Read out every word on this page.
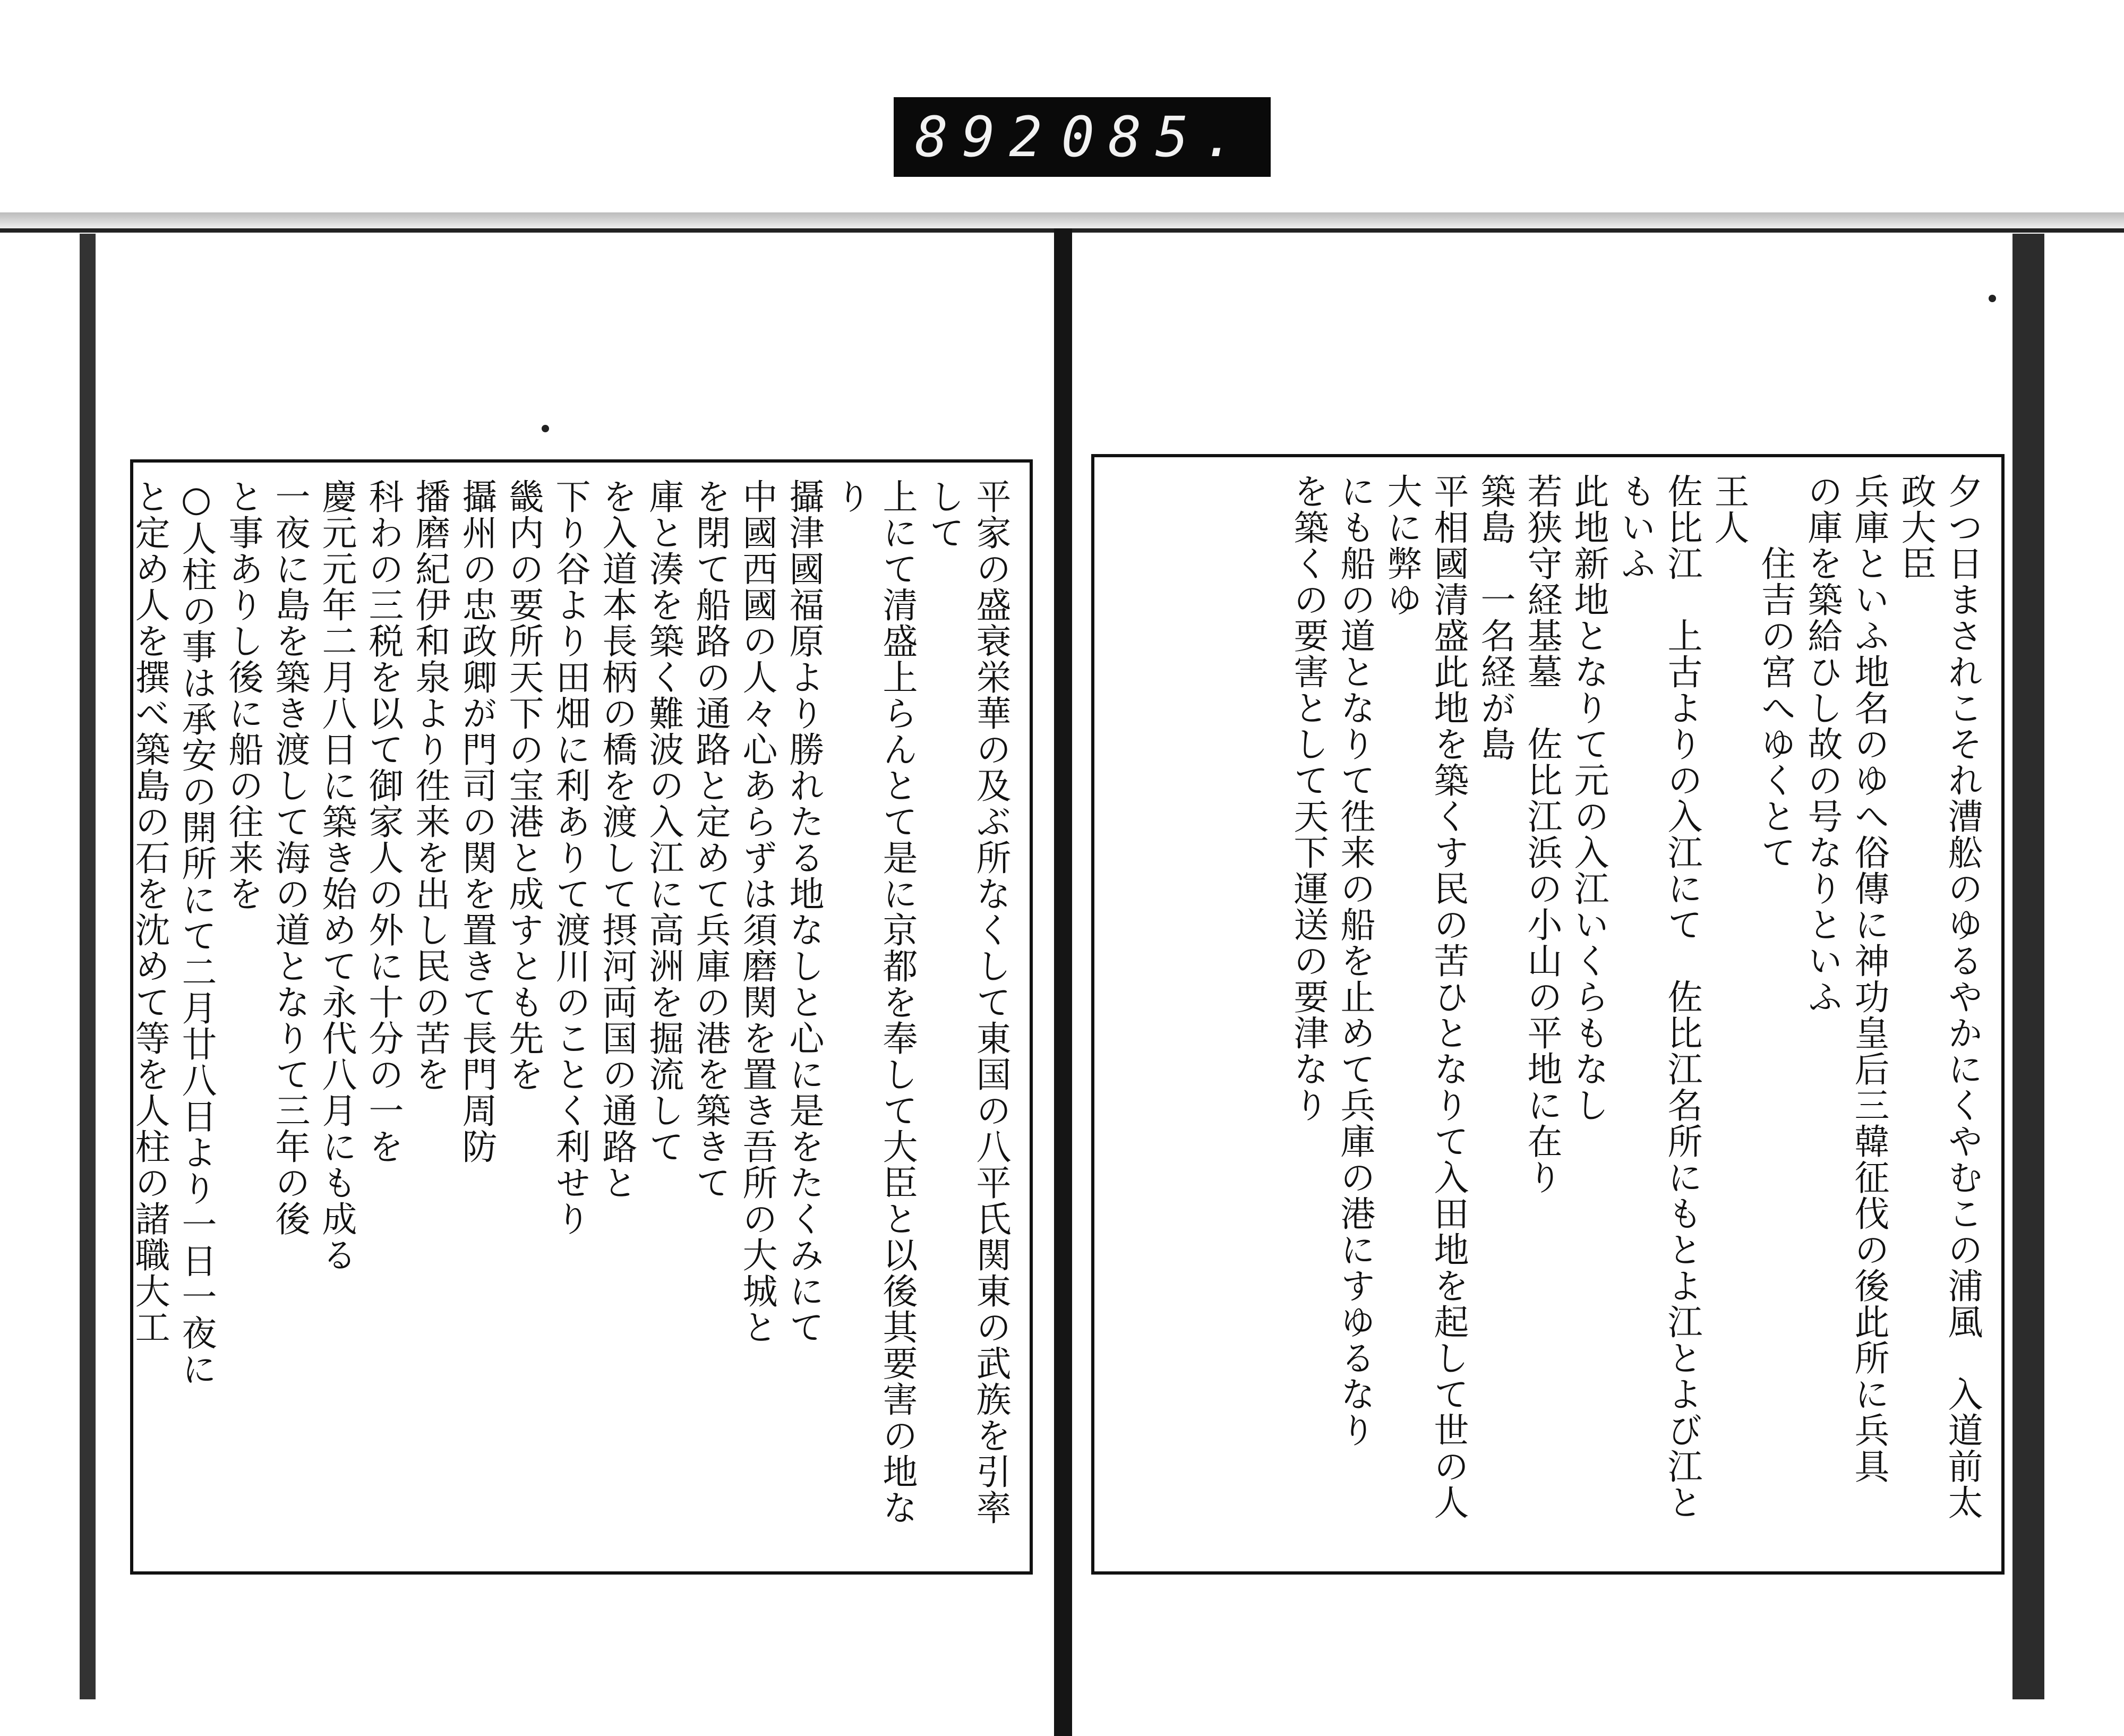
892 085.

平家の盛衰栄華の及ぶ所なくして東国の八平氏関東の武族を引率して

上にて清盛上らんとて是に京都を奉して大臣と以後其要害の地なり

攝津國福原より勝れたる地なしと心に是をたくみにて

中國西國の人々心あらずは須磨関を置き吾所の大城と

を閉て船路の通路と定めて兵庫の港を築きて

庫と湊を築く難波の入江に高洲を掘流して

を入道本長柄の橋を渡して摂河両国の通路と

下り谷より田畑に利ありて渡川のことく利せり

畿内の要所天下の宝港と成すとも先を

攝州の忠政卿が門司の関を置きて長門周防

播磨紀伊和泉より徃来を出し民の苦を

科わの三税を以て御家人の外に十分の一を

慶元元年二月八日に築き始めて永代八月にも成る

一夜に島を築き渡して海の道となりて三年の後

と事ありし後に船の往来を

○人柱の事は承安の開所にて二月廿八日より一日一夜に

と定め人を撰べ築島の石を沈めて等を人柱の諸職大工	夕つ日まされこそれ漕舩のゆるやかにくやむこの浦風　入道前太政大臣

兵庫といふ地名のゆへ俗傳に神功皇后三韓征伐の後此所に兵具

の庫を築給ひし故の号なりといふ

　　住吉の宮へゆくとて　　　　　　　　　　　　　　　　　　　 王人

佐比江　上古よりの入江にて　佐比江名所にもとよ江とよび江ともいふ

此地新地となりて元の入江いくらもなし

若狭守経基墓　佐比江浜の小山の平地に在り

築島　一名経が島

平相國清盛此地を築くす民の苦ひとなりて入田地を起して世の人大に弊ゆ

にも船の道となりて徃来の船を止めて兵庫の港にすゆるなり

を築くの要害として天下運送の要津なり
